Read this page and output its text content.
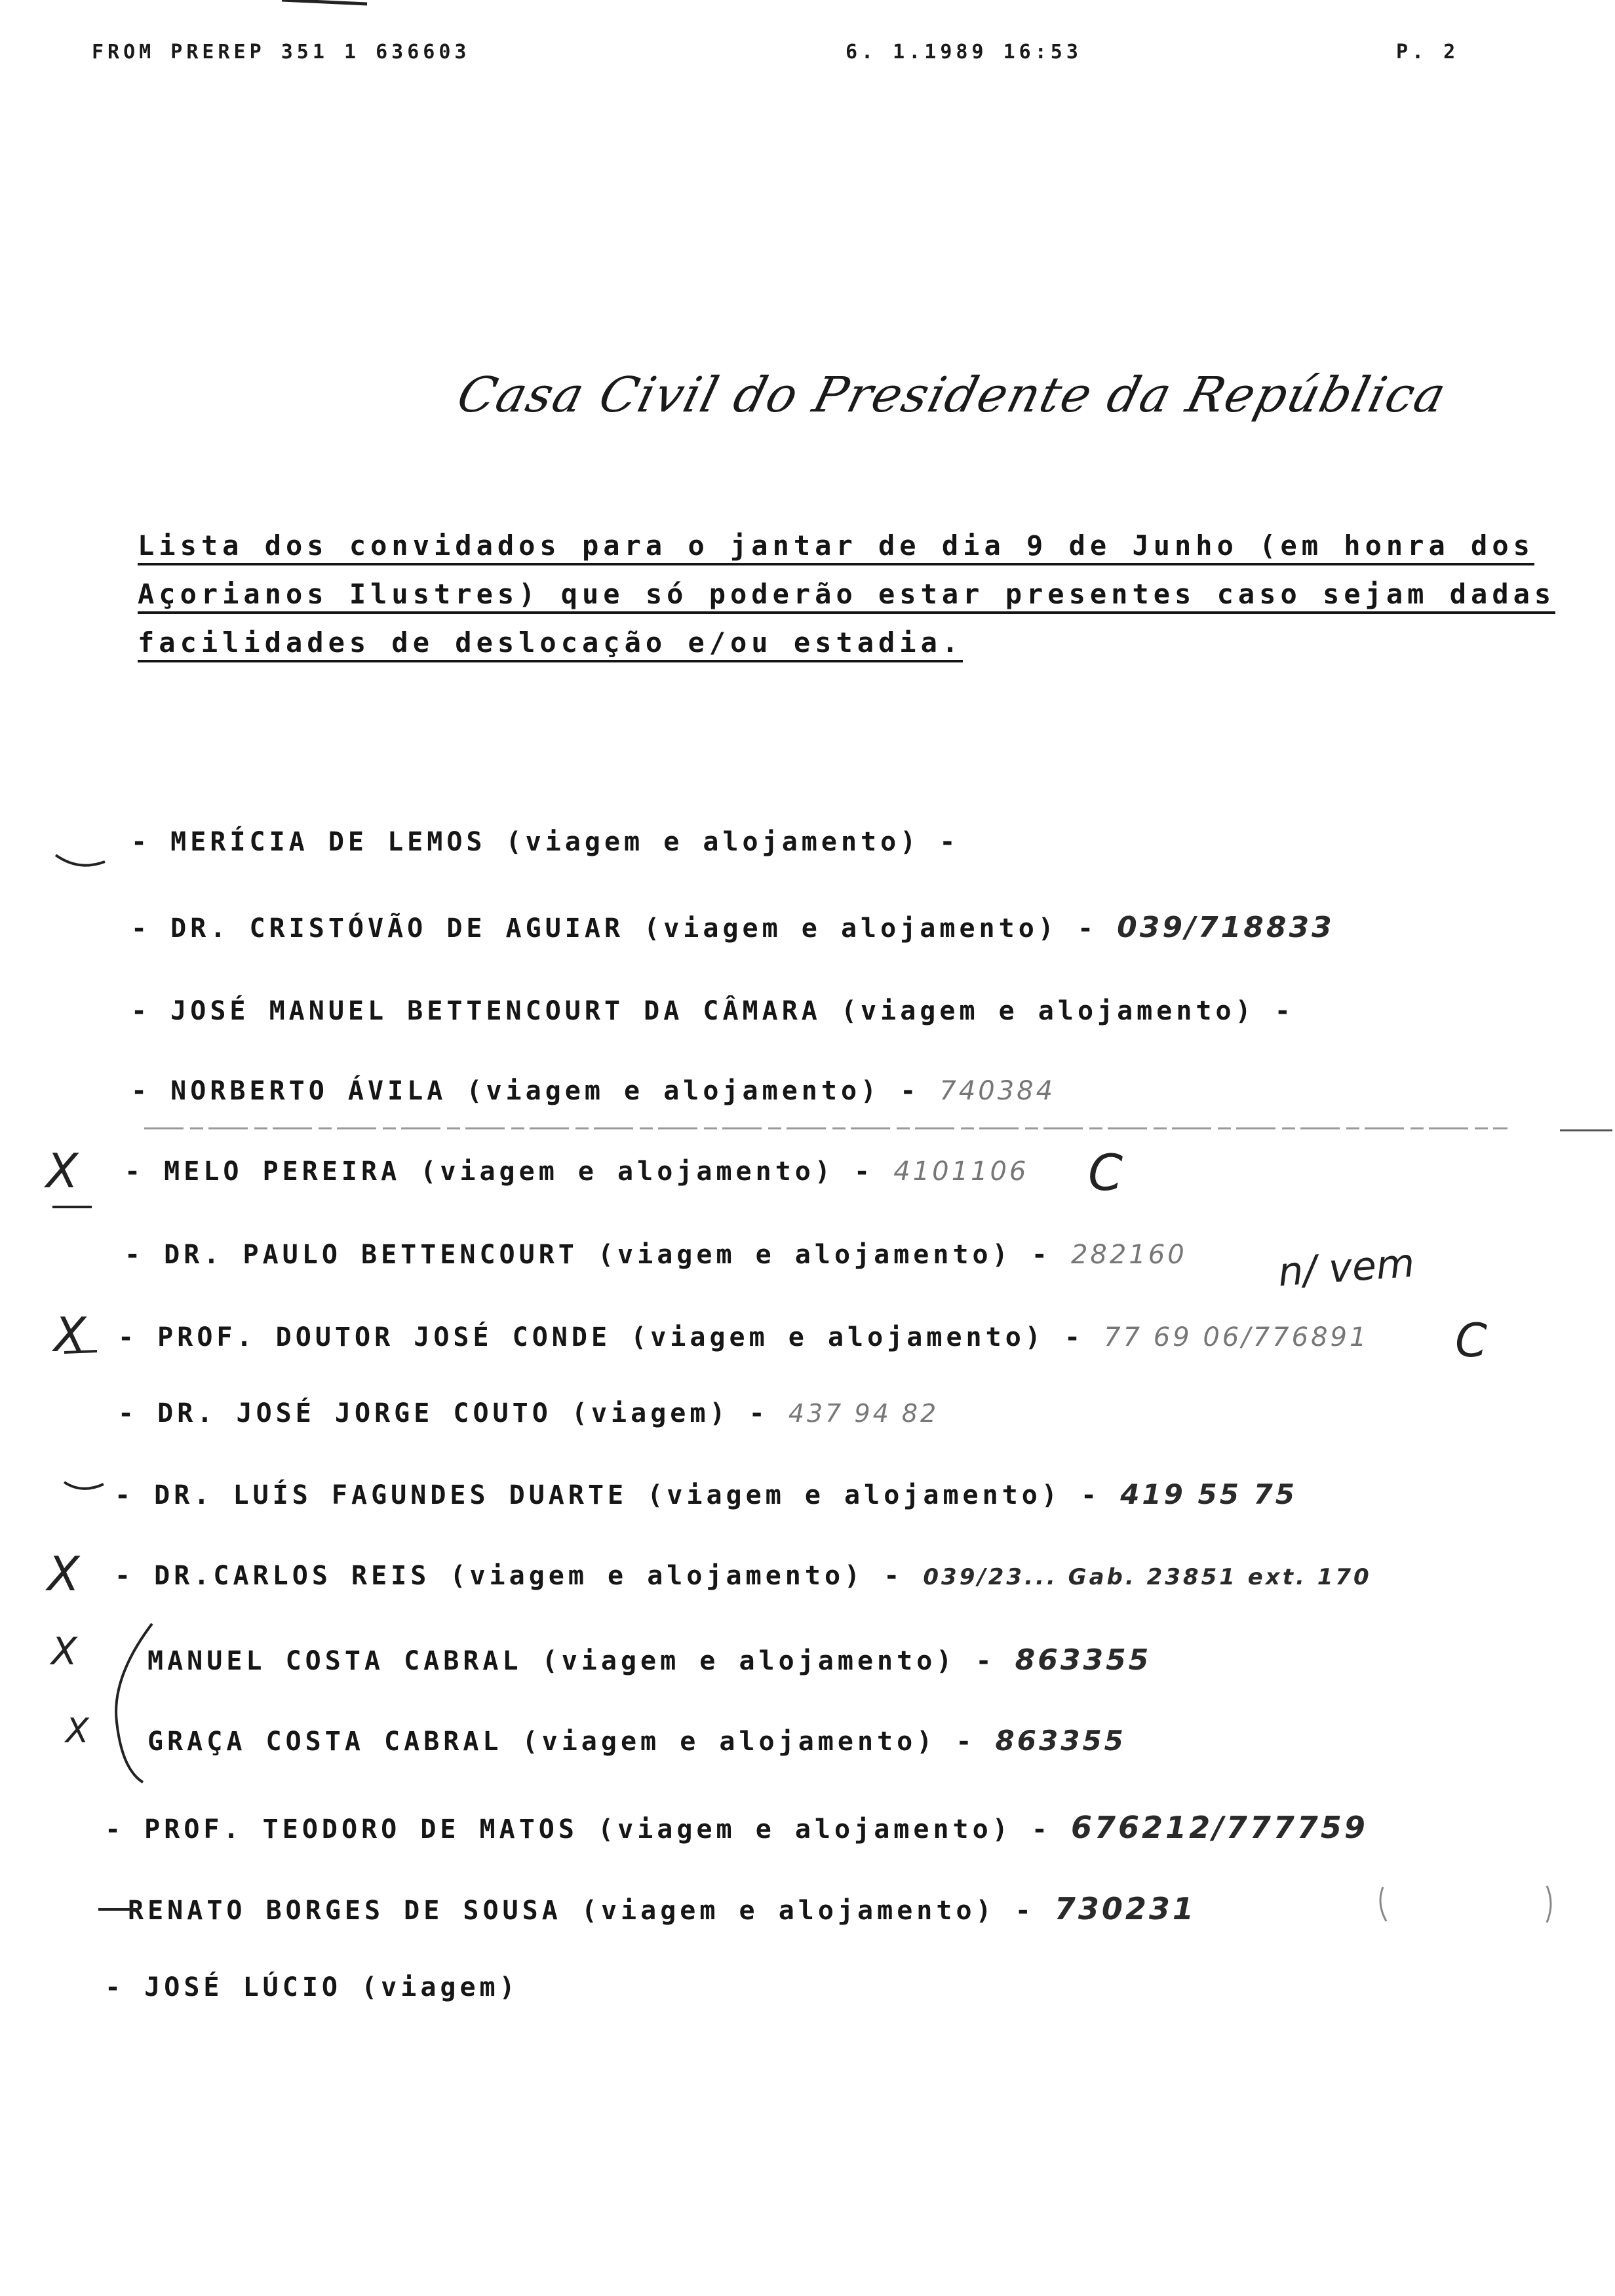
FROM PREREP 351 1 636603	6. 1.1989 16:53	P. 2
Casa Civil do Presidente da República
Lista dos convidados para o jantar de dia 9 de Junho (em honra dos
Açorianos Ilustres) que só poderão estar presentes caso sejam dadas
facilidades de deslocação e/ou estadia.
- MERÍCIA DE LEMOS (viagem e alojamento) -
- DR. CRISTÓVÃO DE AGUIAR (viagem e alojamento) - 039/718833
- JOSÉ MANUEL BETTENCOURT DA CÂMARA (viagem e alojamento) -
- NORBERTO ÁVILA (viagem e alojamento) - 740384
- MELO PEREIRA (viagem e alojamento) - 4101106
- DR. PAULO BETTENCOURT (viagem e alojamento) - 282160
- PROF. DOUTOR JOSÉ CONDE (viagem e alojamento) - 77 69 06/776891
- DR. JOSÉ JORGE COUTO (viagem) - 437 94 82
- DR. LUÍS FAGUNDES DUARTE (viagem e alojamento) - 419 55 75
- DR.CARLOS REIS (viagem e alojamento) - 039/23... Gab. 23851 ext. 170
MANUEL COSTA CABRAL (viagem e alojamento) - 863355
GRAÇA COSTA CABRAL (viagem e alojamento) - 863355
- PROF. TEODORO DE MATOS (viagem e alojamento) - 676212/777759
RENATO BORGES DE SOUSA (viagem e alojamento) - 730231
- JOSÉ LÚCIO (viagem)
X
X
X
X
X
C
C
n/ vem
